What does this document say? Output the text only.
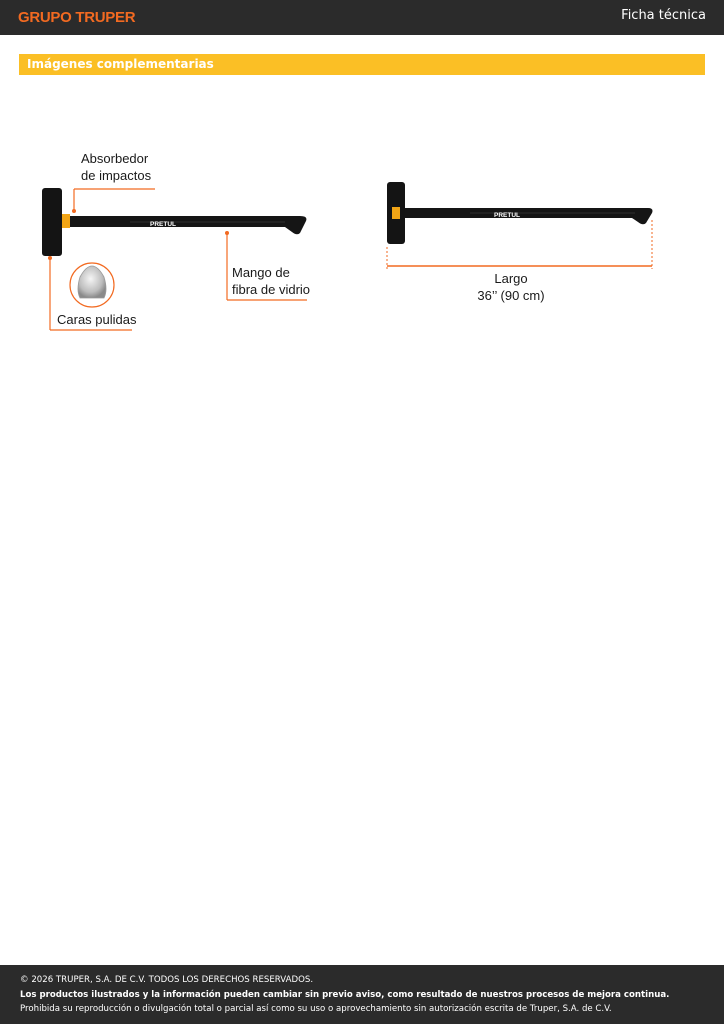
GRUPO TRUPER	Ficha técnica
Imágenes complementarias
PRETUL
Absorbedor
de impactos
Mango de
fibra de vidrio
Caras pulidas
PRETUL
Largo
36’’ (90 cm)

© 2026 TRUPER, S.A. DE C.V. TODOS LOS DERECHOS RESERVADOS.

Los productos ilustrados y la información pueden cambiar sin previo aviso, como resultado de nuestros procesos de mejora continua.

Prohibida su reproducción o divulgación total o parcial así como su uso o aprovechamiento sin autorización escrita de Truper, S.A. de C.V.
